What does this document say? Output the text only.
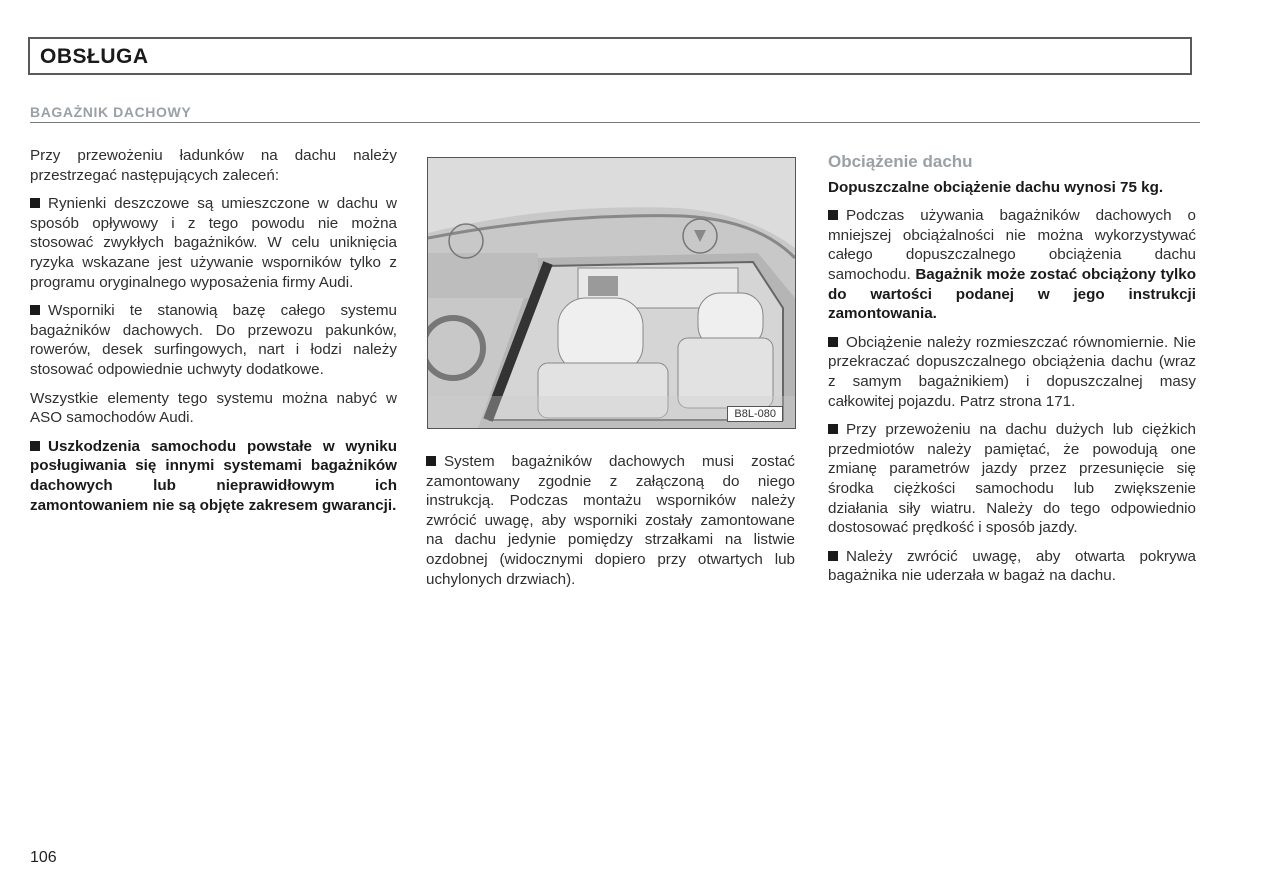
OBSŁUGA
BAGAŻNIK DACHOWY

Przy przewożeniu ładunków na dachu należy przestrzegać następujących zaleceń:

Rynienki deszczowe są umieszczone w dachu w sposób opływowy i z tego powodu nie można stosować zwykłych bagażników. W celu uniknięcia ryzyka wskazane jest używanie wsporników tylko z programu oryginalnego wyposażenia firmy Audi.

Wsporniki te stanowią bazę całego systemu bagażników dachowych. Do przewozu pakunków, rowerów, desek surfingowych, nart i łodzi należy stosować odpowiednie uchwyty dodatkowe.

Wszystkie elementy tego systemu można nabyć w ASO samochodów Audi.

Uszkodzenia samochodu powstałe w wyniku posługiwania się innymi systemami bagażników dachowych lub nieprawidłowym ich zamontowaniem nie są objęte zakresem gwarancji.

B8L-080

System bagażników dachowych musi zostać zamontowany zgodnie z załączoną do niego instrukcją. Podczas montażu wsporników należy zwrócić uwagę, aby wsporniki zostały zamontowane na dachu jedynie pomiędzy strzałkami na listwie ozdobnej (widocznymi dopiero przy otwartych lub uchylonych drzwiach).

Obciążenie dachu

Dopuszczalne obciążenie dachu wynosi 75 kg.

Podczas używania bagażników dachowych o mniejszej obciążalności nie można wykorzystywać całego dopuszczalnego obciążenia dachu samochodu. Bagażnik może zostać obciążony tylko do wartości podanej w jego instrukcji zamontowania.

Obciążenie należy rozmieszczać równomiernie. Nie przekraczać dopuszczalnego obciążenia dachu (wraz z samym bagażnikiem) i dopuszczalnej masy całkowitej pojazdu. Patrz strona 171.

Przy przewożeniu na dachu dużych lub ciężkich przedmiotów należy pamiętać, że powodują one zmianę parametrów jazdy przez przesunięcie się środka ciężkości samochodu lub zwiększenie działania siły wiatru. Należy do tego odpowiednio dostosować prędkość i sposób jazdy.

Należy zwrócić uwagę, aby otwarta pokrywa bagażnika nie uderzała w bagaż na dachu.

106
